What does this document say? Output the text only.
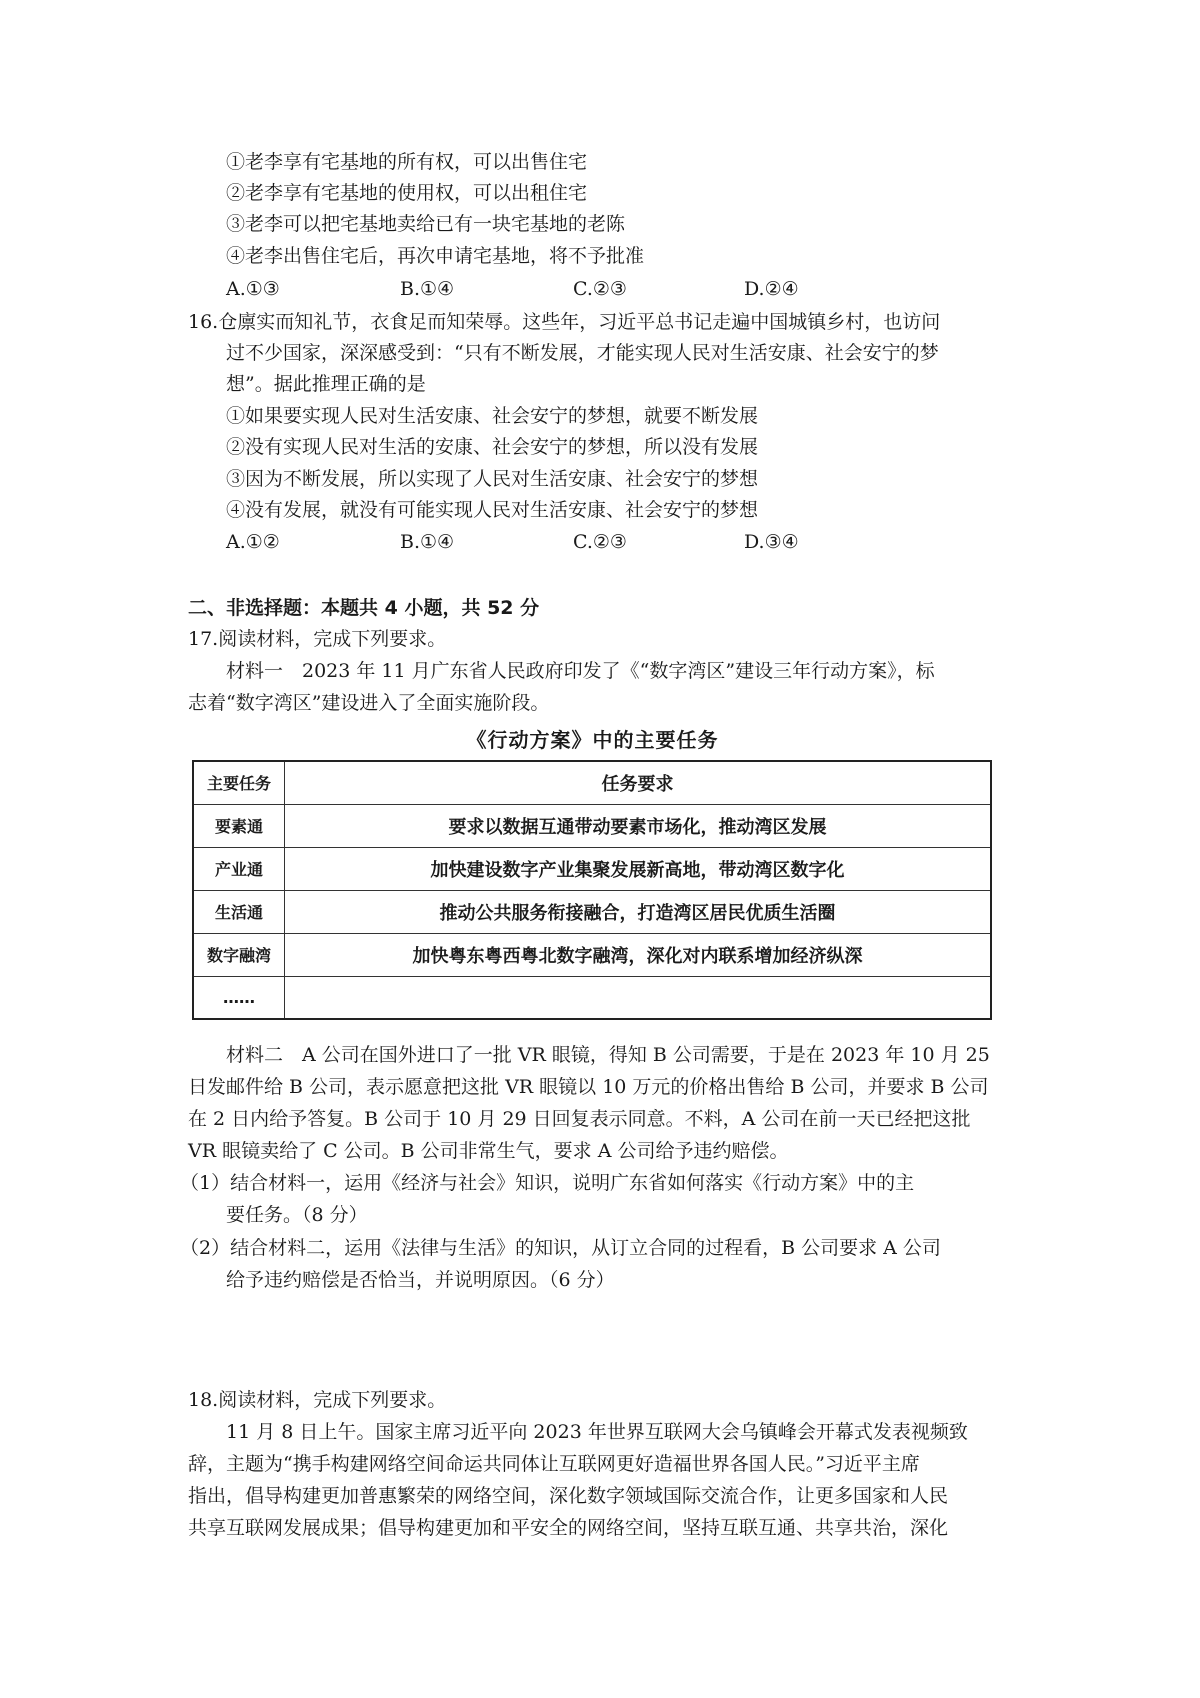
①老李享有宅基地的所有权，可以出售住宅
②老李享有宅基地的使用权，可以出租住宅
③老李可以把宅基地卖给已有一块宅基地的老陈
④老李出售住宅后，再次申请宅基地，将不予批准
A.①③	B.①④	C.②③	D.②④
16.仓廪实而知礼节，衣食足而知荣辱。这些年，习近平总书记走遍中国城镇乡村，也访问
过不少国家，深深感受到：“只有不断发展，才能实现人民对生活安康、社会安宁的梦
想”。据此推理正确的是
①如果要实现人民对生活安康、社会安宁的梦想，就要不断发展
②没有实现人民对生活的安康、社会安宁的梦想，所以没有发展
③因为不断发展，所以实现了人民对生活安康、社会安宁的梦想
④没有发展，就没有可能实现人民对生活安康、社会安宁的梦想
A.①②	B.①④	C.②③	D.③④
二、非选择题：本题共 4 小题，共 52 分
17.阅读材料，完成下列要求。
材料一　2023 年 11 月广东省人民政府印发了《“数字湾区”建设三年行动方案》，标
志着“数字湾区”建设进入了全面实施阶段。
《行动方案》中的主要任务
主要任务	任务要求
要素通	要求以数据互通带动要素市场化，推动湾区发展
产业通	加快建设数字产业集聚发展新高地，带动湾区数字化
生活通	推动公共服务衔接融合，打造湾区居民优质生活圈
数字融湾	加快粤东粤西粤北数字融湾，深化对内联系增加经济纵深
……	
材料二　A 公司在国外进口了一批 VR 眼镜，得知 B 公司需要，于是在 2023 年 10 月 25
日发邮件给 B 公司，表示愿意把这批 VR 眼镜以 10 万元的价格出售给 B 公司，并要求 B 公司
在 2 日内给予答复。B 公司于 10 月 29 日回复表示同意。不料，A 公司在前一天已经把这批
VR 眼镜卖给了 C 公司。B 公司非常生气，要求 A 公司给予违约赔偿。
（1）结合材料一，运用《经济与社会》知识，说明广东省如何落实《行动方案》中的主
要任务。（8 分）
（2）结合材料二，运用《法律与生活》的知识，从订立合同的过程看，B 公司要求 A 公司
给予违约赔偿是否恰当，并说明原因。（6 分）
18.阅读材料，完成下列要求。
11 月 8 日上午。国家主席习近平向 2023 年世界互联网大会乌镇峰会开幕式发表视频致
辞，主题为“携手构建网络空间命运共同体让互联网更好造福世界各国人民。”习近平主席
指出，倡导构建更加普惠繁荣的网络空间，深化数字领域国际交流合作，让更多国家和人民
共享互联网发展成果；倡导构建更加和平安全的网络空间，坚持互联互通、共享共治，深化
